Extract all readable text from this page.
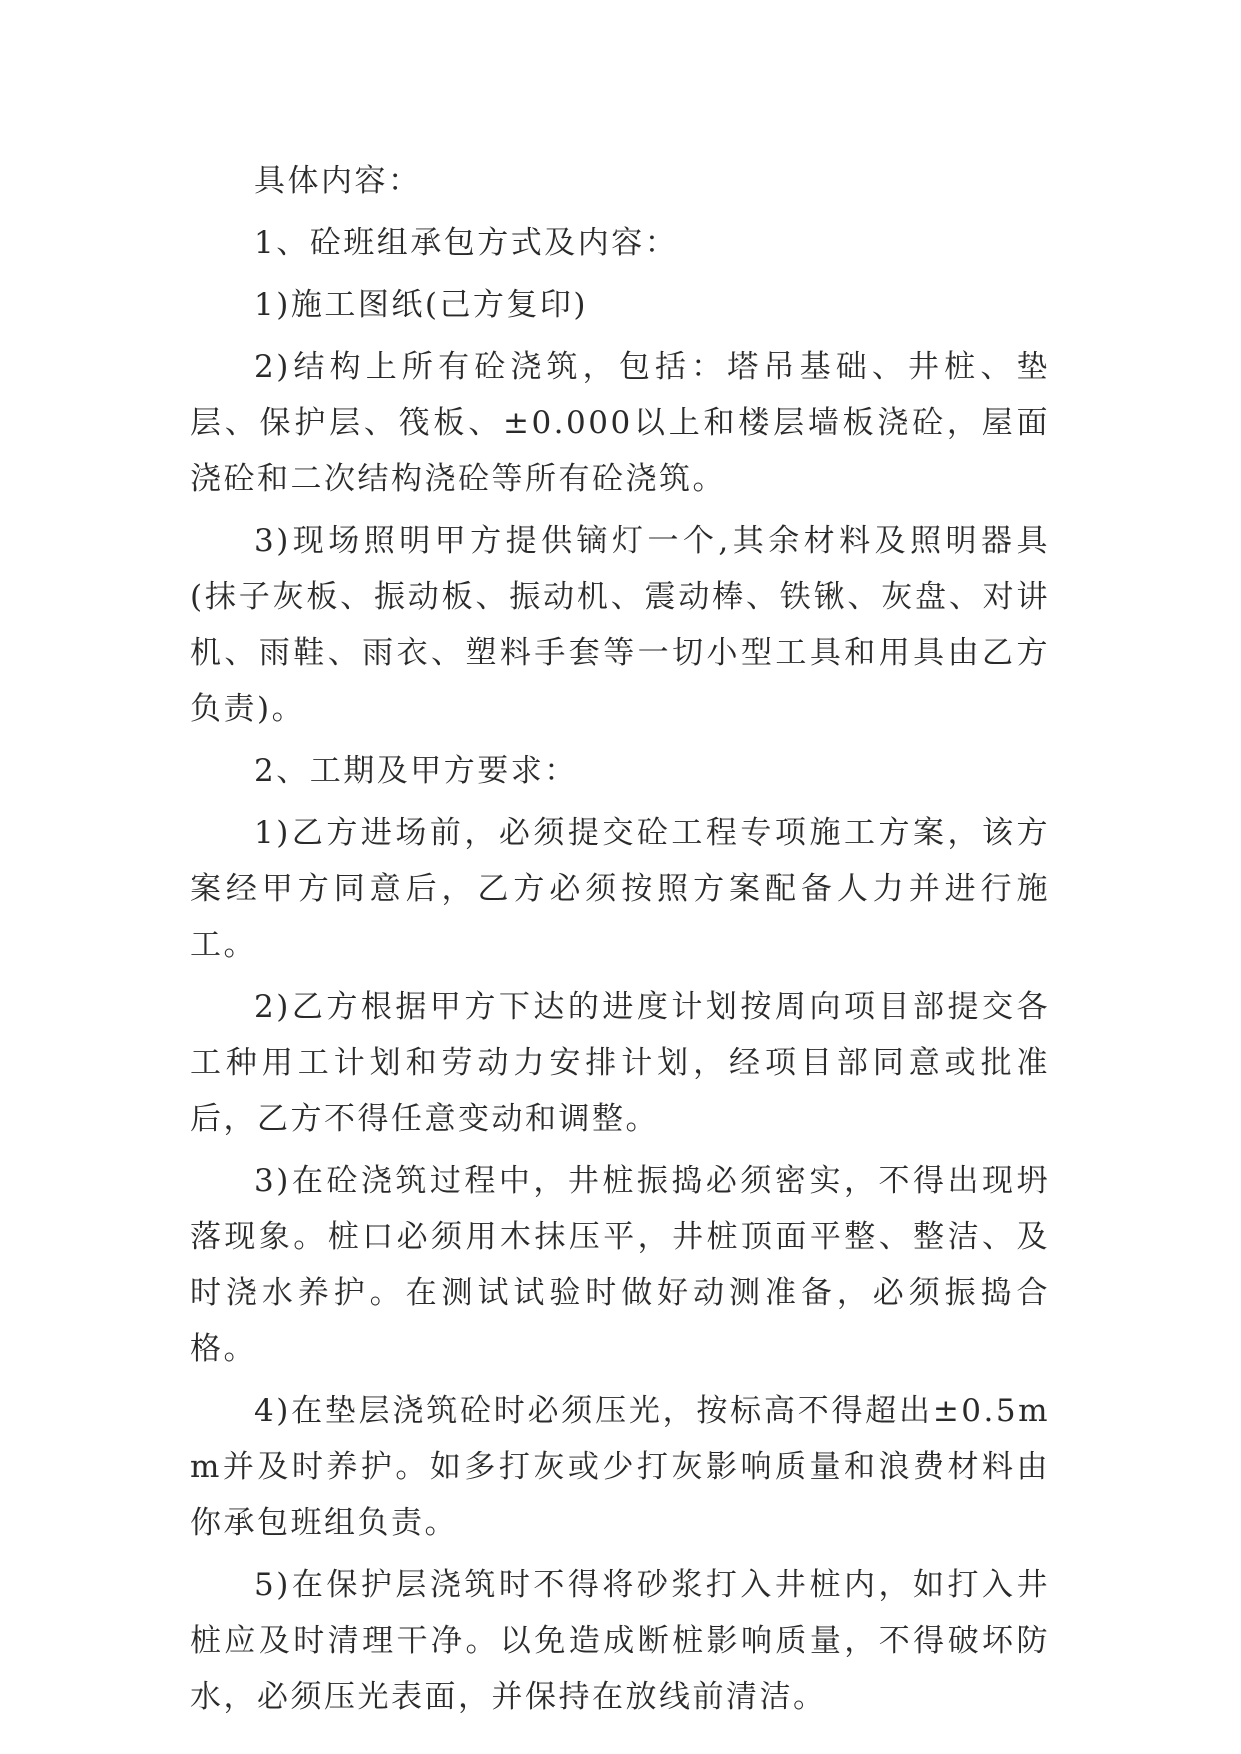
具体内容：

1、砼班组承包方式及内容：

1)施工图纸(己方复印)

2)结构上所有砼浇筑，包括：塔吊基础、井桩、垫层、保护层、筏板、±0.000以上和楼层墙板浇砼，屋面浇砼和二次结构浇砼等所有砼浇筑。

3)现场照明甲方提供镝灯一个,其余材料及照明器具(抹子灰板、振动板、振动机、震动棒、铁锹、灰盘、对讲机、雨鞋、雨衣、塑料手套等一切小型工具和用具由乙方负责)。

2、工期及甲方要求：

1)乙方进场前，必须提交砼工程专项施工方案，该方案经甲方同意后，乙方必须按照方案配备人力并进行施工。

2)乙方根据甲方下达的进度计划按周向项目部提交各工种用工计划和劳动力安排计划，经项目部同意或批准后，乙方不得任意变动和调整。

3)在砼浇筑过程中，井桩振捣必须密实，不得出现坍落现象。桩口必须用木抹压平，井桩顶面平整、整洁、及时浇水养护。在测试试验时做好动测准备，必须振捣合格。

4)在垫层浇筑砼时必须压光，按标高不得超出±0.5mm并及时养护。如多打灰或少打灰影响质量和浪费材料由你承包班组负责。

5)在保护层浇筑时不得将砂浆打入井桩内，如打入井桩应及时清理干净。以免造成断桩影响质量，不得破坏防水，必须压光表面，并保持在放线前清洁。
